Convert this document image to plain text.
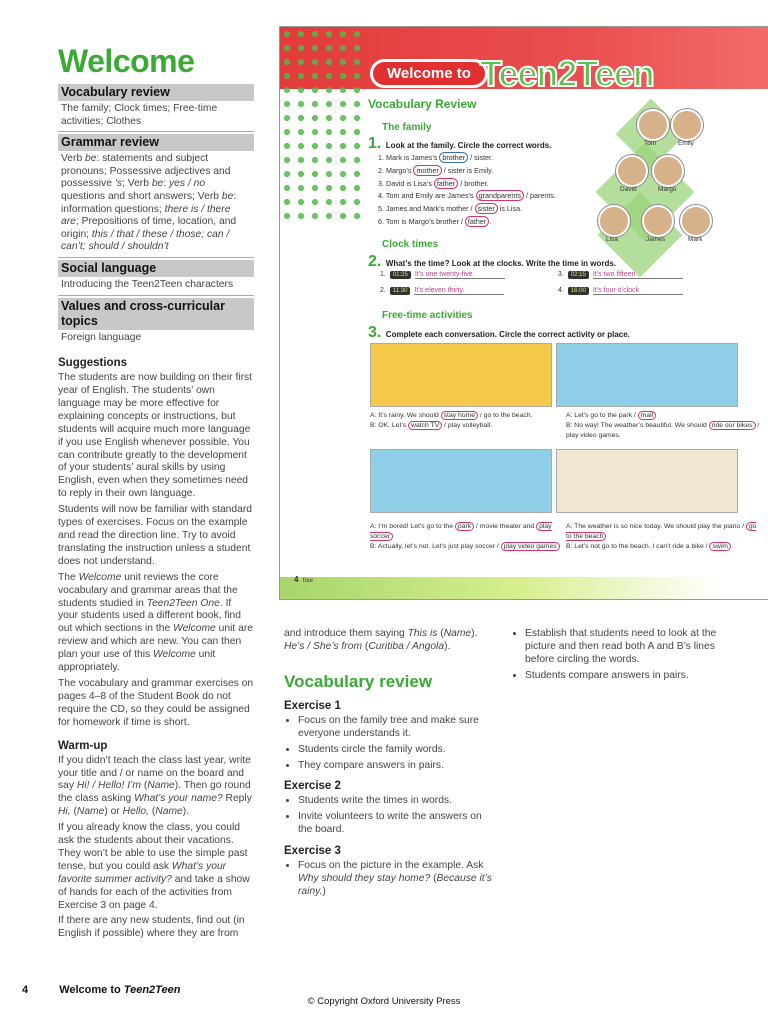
Welcome
Vocabulary review
The family; Clock times; Free-time activities; Clothes
Grammar review
Verb be: statements and subject pronouns; Possessive adjectives and possessive ’s; Verb be: yes / no questions and short answers; Verb be: information questions; there is / there are; Prepositions of time, location, and origin; this / that / these / those; can / can’t; should / shouldn’t
Social language
Introducing the Teen2Teen characters
Values and cross-curricular topics
Foreign language
Suggestions

The students are now building on their first year of English. The students’ own language may be more effective for explaining concepts or instructions, but students will acquire much more language if you use English whenever possible. You can contribute greatly to the development of your students’ aural skills by using English, even when they sometimes need to reply in their own language.

Students will now be familiar with standard types of exercises. Focus on the example and read the direction line. Try to avoid translating the instruction unless a student does not understand.

The Welcome unit reviews the core vocabulary and grammar areas that the students studied in Teen2Teen One. If your students used a different book, find out which sections in the Welcome unit are review and which are new. You can then plan your use of this Welcome unit appropriately.

The vocabulary and grammar exercises on pages 4–8 of the Student Book do not require the CD, so they could be assigned for homework if time is short.

Warm-up

If you didn’t teach the class last year, write your title and / or name on the board and say Hi! / Hello! I’m (Name). Then go round the class asking What’s your name? Reply Hi, (Name) or Hello, (Name).

If you already know the class, you could ask the students about their vacations. They won’t be able to use the simple past tense, but you could ask What’s your favorite summer activity? and take a show of hands for each of the activities from Exercise 3 on page 4.

If there are any new students, find out (in English if possible) where they are from

Welcome to Teen2Teen
Vocabulary Review
The family
1. Look at the family. Circle the correct words.
1. Mark is James’s brother / sister.
2. Margo’s mother / sister is Emily.
3. David is Lisa’s father / brother.
4. Tom and Emily are James’s grandparents / parents.
5. James and Mark’s mother / sister is Lisa.
6. Tom is Margo’s brother / father .
Tom	Emily
David	Margo
Lisa	James	Mark
Clock times
2. What’s the time? Look at the clocks. Write the time in words.
1. 01:25 It’s one twenty-five.	3. 02:15 It’s two fifteen.
2. 11:30 It’s eleven thirty.	4. 16:00 It’s four o’clock.
Free-time activities
3. Complete each conversation. Circle the correct activity or place.
A: It’s rainy. We should stay home / go to the beach.
B: OK. Let’s watch TV / play volleyball.
A: Let’s go to the park / mall
B: No way! The weather’s beautiful. We should ride our bikes / play video games.
A: I’m bored! Let’s go to the park / movie theater and play soccer
B: Actually, let’s not. Let’s just play soccer / play video games
A: The weather is so nice today. We should play the piano / go to the beach
B: Let’s not go to the beach. I can’t ride a bike / swim
4 four

and introduce them saying This is (Name). He’s / She’s from (Curitiba / Angola).

Vocabulary review
Exercise 1
• Focus on the family tree and make sure everyone understands it.
• Students circle the family words.
• They compare answers in pairs.
Exercise 2
• Students write the times in words.
• Invite volunteers to write the answers on the board.
Exercise 3
• Focus on the picture in the example. Ask Why should they stay home? (Because it’s rainy.)
• Establish that students need to look at the picture and then read both A and B’s lines before circling the words.
• Students compare answers in pairs.
4	Welcome to Teen2Teen
© Copyright Oxford University Press
